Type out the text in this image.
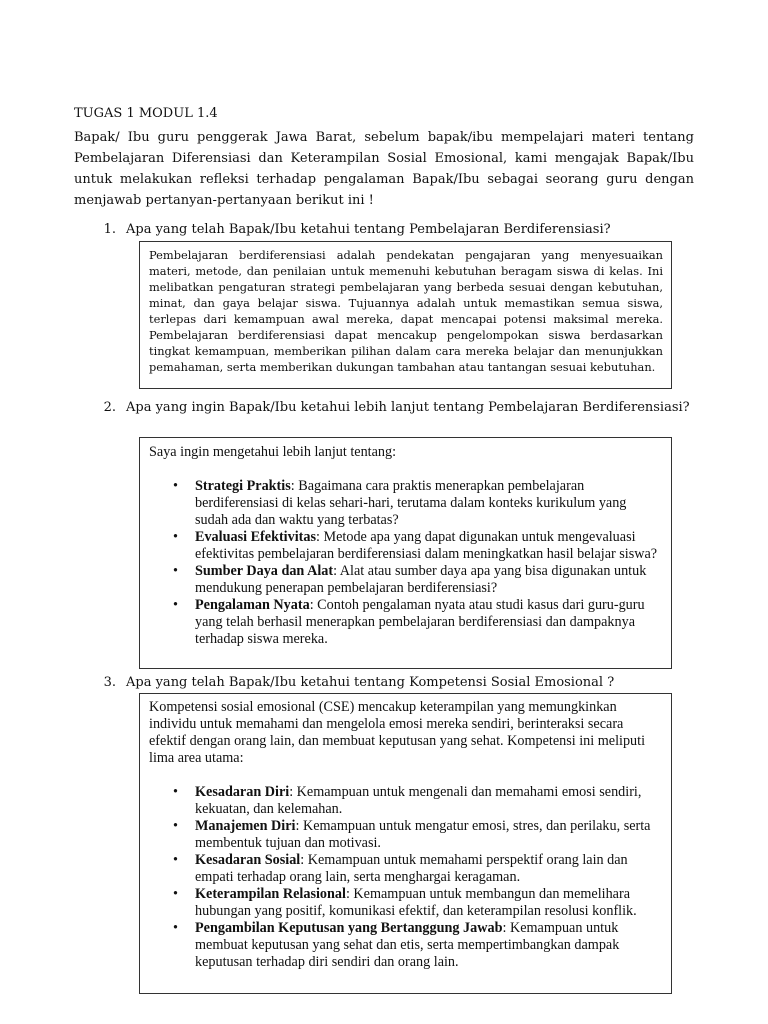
TUGAS 1 MODUL 1.4
Bapak/ Ibu guru penggerak Jawa Barat, sebelum bapak/ibu mempelajari materi tentang Pembelajaran Diferensiasi dan Keterampilan Sosial Emosional, kami mengajak Bapak/Ibu untuk melakukan refleksi terhadap pengalaman Bapak/Ibu sebagai seorang guru dengan menjawab pertanyan-pertanyaan berikut ini !
1. Apa yang telah Bapak/Ibu ketahui tentang Pembelajaran Berdiferensiasi?
Pembelajaran berdiferensiasi adalah pendekatan pengajaran yang menyesuaikan materi, metode, dan penilaian untuk memenuhi kebutuhan beragam siswa di kelas. Ini melibatkan pengaturan strategi pembelajaran yang berbeda sesuai dengan kebutuhan, minat, dan gaya belajar siswa. Tujuannya adalah untuk memastikan semua siswa, terlepas dari kemampuan awal mereka, dapat mencapai potensi maksimal mereka. Pembelajaran berdiferensiasi dapat mencakup pengelompokan siswa berdasarkan tingkat kemampuan, memberikan pilihan dalam cara mereka belajar dan menunjukkan pemahaman, serta memberikan dukungan tambahan atau tantangan sesuai kebutuhan.
2. Apa yang ingin Bapak/Ibu ketahui lebih lanjut tentang Pembelajaran Berdiferensiasi?

Saya ingin mengetahui lebih lanjut tentang:

• Strategi Praktis: Bagaimana cara praktis menerapkan pembelajaran berdiferensiasi di kelas sehari-hari, terutama dalam konteks kurikulum yang sudah ada dan waktu yang terbatas?
• Evaluasi Efektivitas: Metode apa yang dapat digunakan untuk mengevaluasi efektivitas pembelajaran berdiferensiasi dalam meningkatkan hasil belajar siswa?
• Sumber Daya dan Alat: Alat atau sumber daya apa yang bisa digunakan untuk mendukung penerapan pembelajaran berdiferensiasi?
• Pengalaman Nyata: Contoh pengalaman nyata atau studi kasus dari guru-guru yang telah berhasil menerapkan pembelajaran berdiferensiasi dan dampaknya terhadap siswa mereka.
3. Apa yang telah Bapak/Ibu ketahui tentang Kompetensi Sosial Emosional ?

Kompetensi sosial emosional (CSE) mencakup keterampilan yang memungkinkan individu untuk memahami dan mengelola emosi mereka sendiri, berinteraksi secara efektif dengan orang lain, dan membuat keputusan yang sehat. Kompetensi ini meliputi lima area utama:

• Kesadaran Diri: Kemampuan untuk mengenali dan memahami emosi sendiri, kekuatan, dan kelemahan.
• Manajemen Diri: Kemampuan untuk mengatur emosi, stres, dan perilaku, serta membentuk tujuan dan motivasi.
• Kesadaran Sosial: Kemampuan untuk memahami perspektif orang lain dan empati terhadap orang lain, serta menghargai keragaman.
• Keterampilan Relasional: Kemampuan untuk membangun dan memelihara hubungan yang positif, komunikasi efektif, dan keterampilan resolusi konflik.
• Pengambilan Keputusan yang Bertanggung Jawab: Kemampuan untuk membuat keputusan yang sehat dan etis, serta mempertimbangkan dampak keputusan terhadap diri sendiri dan orang lain.
